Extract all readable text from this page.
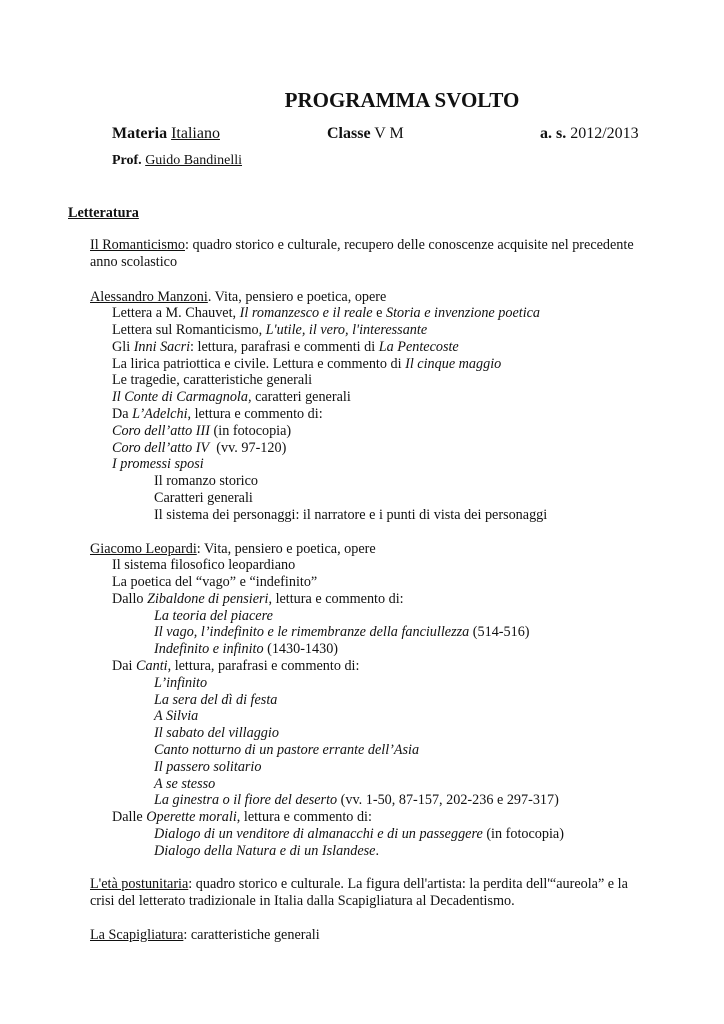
PROGRAMMA SVOLTO
Materia Italiano	Classe V M	a. s. 2012/2013
Prof. Guido Bandinelli
Letteratura
Il Romanticismo: quadro storico e culturale, recupero delle conoscenze acquisite nel precedente
anno scolastico
Alessandro Manzoni. Vita, pensiero e poetica, opere
Lettera a M. Chauvet, Il romanzesco e il reale e Storia e invenzione poetica
Lettera sul Romanticismo, L'utile, il vero, l'interessante
Gli Inni Sacri: lettura, parafrasi e commenti di La Pentecoste
La lirica patriottica e civile. Lettura e commento di Il cinque maggio
Le tragedie, caratteristiche generali
Il Conte di Carmagnola, caratteri generali
Da L’Adelchi, lettura e commento di:
Coro dell’atto III (in fotocopia)
Coro dell’atto IV  (vv. 97-120)
I promessi sposi
Il romanzo storico
Caratteri generali
Il sistema dei personaggi: il narratore e i punti di vista dei personaggi
Giacomo Leopardi: Vita, pensiero e poetica, opere
Il sistema filosofico leopardiano
La poetica del “vago” e “indefinito”
Dallo Zibaldone di pensieri, lettura e commento di:
La teoria del piacere
Il vago, l’indefinito e le rimembranze della fanciullezza (514-516)
Indefinito e infinito (1430-1430)
Dai Canti, lettura, parafrasi e commento di:
L’infinito
La sera del dì di festa
A Silvia
Il sabato del villaggio
Canto notturno di un pastore errante dell’Asia
Il passero solitario
A se stesso
La ginestra o il fiore del deserto (vv. 1-50, 87-157, 202-236 e 297-317)
Dalle Operette morali, lettura e commento di:
Dialogo di un venditore di almanacchi e di un passeggere (in fotocopia)
Dialogo della Natura e di un Islandese.
L'età postunitaria: quadro storico e culturale. La figura dell'artista: la perdita dell'“aureola” e la
crisi del letterato tradizionale in Italia dalla Scapigliatura al Decadentismo.
La Scapigliatura: caratteristiche generali
